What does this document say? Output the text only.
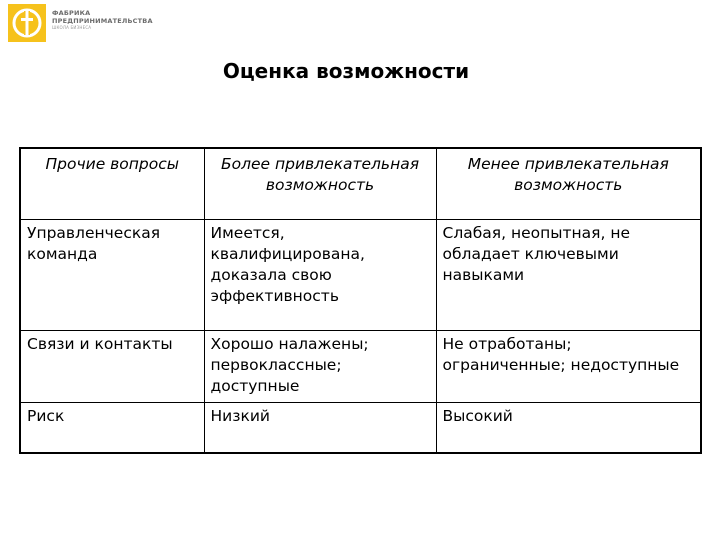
ФАБРИКА
ПРЕДПРИНИМАТЕЛЬСТВА
ШКОЛА БИЗНЕСА
Оценка возможности
Прочие вопросы	Более привлекательная возможность	Менее привлекательная возможность
Управленческая команда	Имеется, квалифицирована, доказала свою эффективность	Слабая, неопытная, не обладает ключевыми навыками
Связи и контакты	Хорошо налажены; первоклассные; доступные	Не отработаны; ограниченные; недоступные
Риск	Низкий	Высокий
